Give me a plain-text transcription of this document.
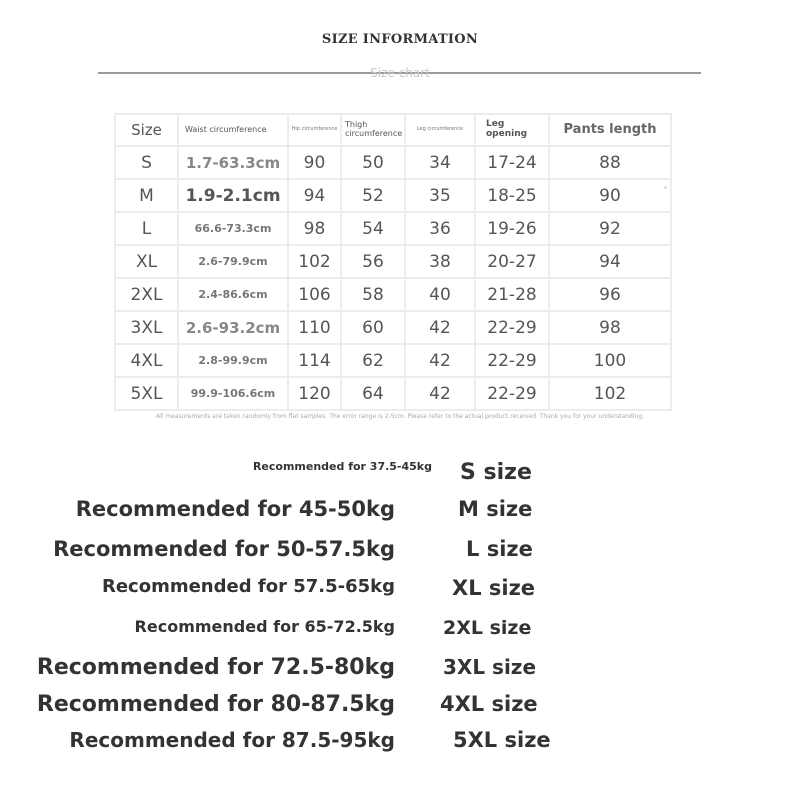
SIZE INFORMATION
Size chart
Size	Waist circumference	Hip circumference	Thigh circumference	Leg circumference	Leg opening	Pants length
S	1.7-63.3cm	90	50	34	17-24	88
M	1.9-2.1cm	94	52	35	18-25	90
L	66.6-73.3cm	98	54	36	19-26	92
XL	2.6-79.9cm	102	56	38	20-27	94
2XL	2.4-86.6cm	106	58	40	21-28	96
3XL	2.6-93.2cm	110	60	42	22-29	98
4XL	2.8-99.9cm	114	62	42	22-29	100
5XL	99.9-106.6cm	120	64	42	22-29	102
All measurements are taken randomly from flat samples. The error range is 2-5cm. Please refer to the actual product received. Thank you for your understanding.
Recommended for 37.5-45kg S size
Recommended for 45-50kg	M size
Recommended for 50-57.5kg	L size
Recommended for 57.5-65kg	XL size
Recommended for 65-72.5kg	2XL size
Recommended for 72.5-80kg 3XL size
Recommended for 80-87.5kg 4XL size
Recommended for 87.5-95kg	5XL size
